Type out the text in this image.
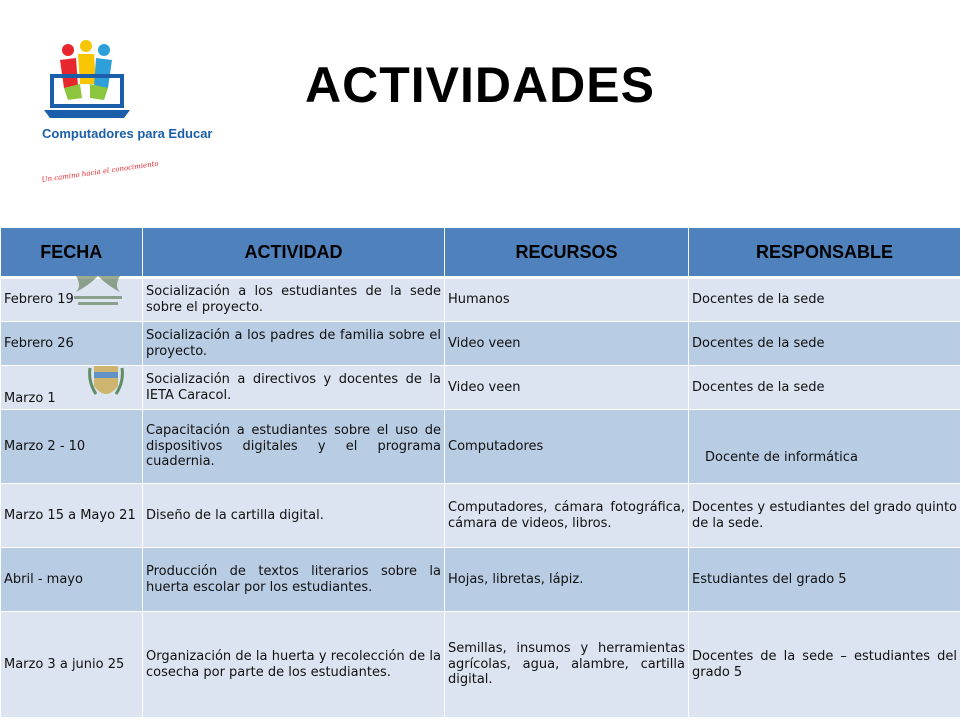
Computadores para Educar
Un camino hacia el conocimiento
ACTIVIDADES
FECHA	ACTIVIDAD	RECURSOS	RESPONSABLE
Febrero 19	Socialización a los estudiantes de la sede sobre el proyecto.	Humanos	Docentes de la sede
Febrero 26	Socialización a los padres de familia sobre el proyecto.	Video veen	Docentes de la sede
Marzo 1	Socialización a directivos y docentes de la IETA Caracol.	Video veen	Docentes de la sede
Marzo 2 - 10	Capacitación a estudiantes sobre el uso de dispositivos digitales y el programa cuadernia.	Computadores	Docente de informática
Marzo 15 a Mayo 21	Diseño de la cartilla digital.	Computadores, cámara fotográfica, cámara de videos, libros.	Docentes y estudiantes del grado quinto de la sede.
Abril - mayo	Producción de textos literarios sobre la huerta escolar por los estudiantes.	Hojas, libretas, lápiz.	Estudiantes del grado 5
Marzo 3 a junio 25	Organización de la huerta y recolección de la cosecha por parte de los estudiantes.	Semillas, insumos y herramientas agrícolas, agua, alambre, cartilla digital.	Docentes de la sede – estudiantes del grado 5
